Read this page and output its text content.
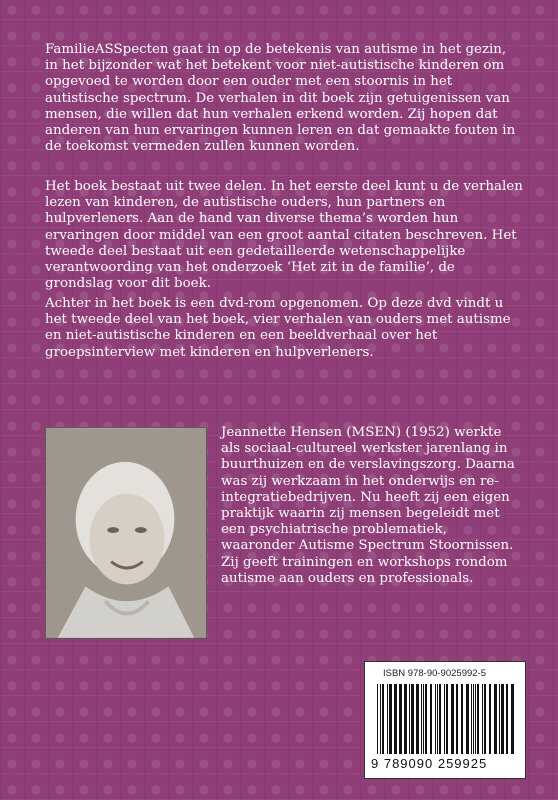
FamilieASSpecten gaat in op de betekenis van autisme in het gezin, in het bijzonder wat het betekent voor niet-autistische kinderen om opgevoed te worden door een ouder met een stoornis in het autistische spectrum. De verhalen in dit boek zijn getuigenissen van mensen, die willen dat hun verhalen erkend worden. Zij hopen dat anderen van hun ervaringen kunnen leren en dat gemaakte fouten in de toekomst vermeden zullen kunnen worden.

Het boek bestaat uit twee delen. In het eerste deel kunt u de verhalen lezen van kinderen, de autistische ouders, hun partners en hulpverleners. Aan de hand van diverse thema’s worden hun ervaringen door middel van een groot aantal citaten beschreven. Het tweede deel bestaat uit een gedetailleerde wetenschappelijke verantwoording van het onderzoek ‘Het zit in de familie’, de grondslag voor dit boek.

Achter in het boek is een dvd-rom opgenomen. Op deze dvd vindt u het tweede deel van het boek, vier verhalen van ouders met autisme en niet-autistische kinderen en een beeldverhaal over het groepsinterview met kinderen en hulpverleners.

Jeannette Hensen (MSEN) (1952) werkte als sociaal-cultureel werkster jarenlang in buurthuizen en de verslavingszorg. Daarna was zij werkzaam in het onderwijs en re-integratiebedrijven. Nu heeft zij een eigen praktijk waarin zij mensen begeleidt met een psychiatrische problematiek, waaronder Autisme Spectrum Stoornissen. Zij geeft trainingen en workshops rondom autisme aan ouders en professionals.

ISBN 978-90-9025992-5
9 789090 259925
